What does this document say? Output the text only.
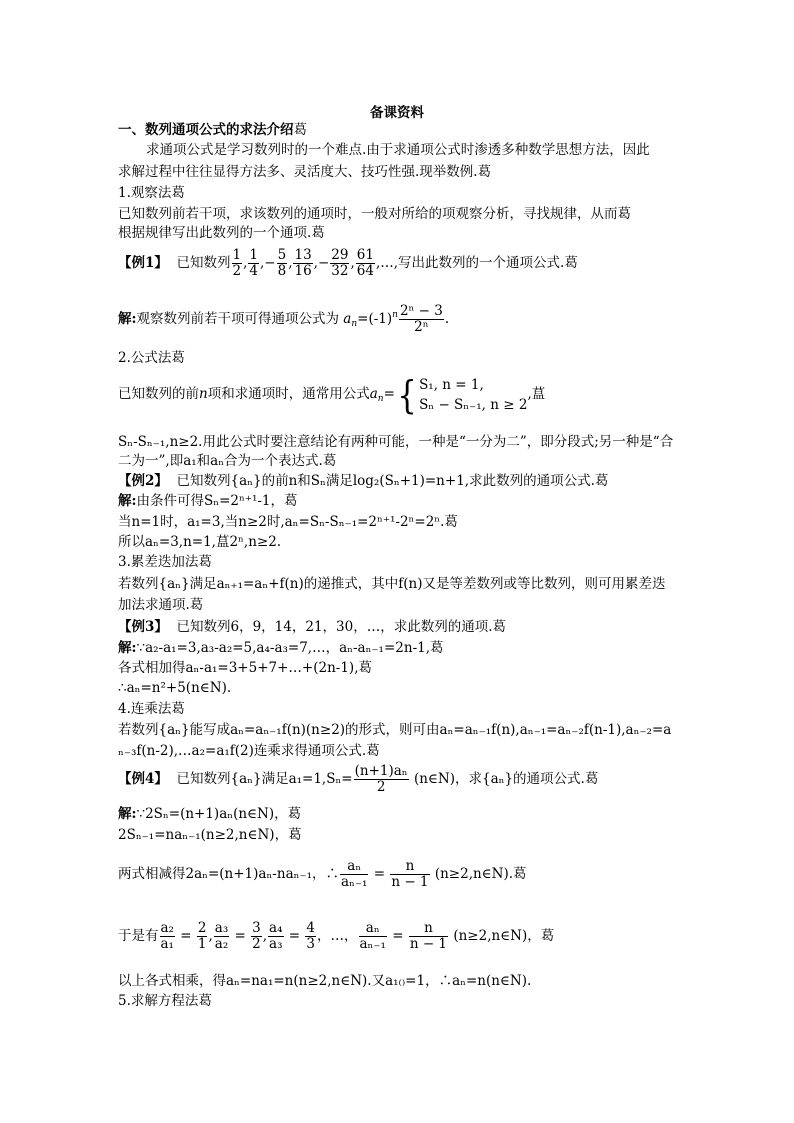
备课资料
一、数列通项公式的求法介绍葛
求通项公式是学习数列时的一个难点.由于求通项公式时渗透多种数学思想方法，因此
求解过程中往往显得方法多、灵活度大、技巧性强.现举数例.葛
1.观察法葛
已知数列前若干项，求该数列的通项时，一般对所给的项观察分析，寻找规律，从而葛
根据规律写出此数列的一个通项.葛
【例1】 已知数列 $\frac{1}{2}$ , $\frac{1}{4}$ ,− $\frac{5}{8}$ , $\frac{13}{16}$ ,− $\frac{29}{32}$ , $\frac{61}{64}$ ,…,写出此数列的一个通项公式.葛
解:观察数列前若干项可得通项公式为 $a_n=(-1)^n \frac{\text{2ⁿ − 3}}{\text{2ⁿ}}$ .
2.公式法葛
已知数列的前n项和求通项时，通常用公式$a_n=${ S₁, n = 1,
Sₙ − Sₙ₋₁, n ≥ 2
,蒀
Sₙ-Sₙ₋₁,n≥2.用此公式时要注意结论有两种可能，一种是“一分为二”，即分段式;另一种是“合
二为一”,即a₁和aₙ合为一个表达式.葛
【例2】 已知数列{aₙ}的前n和Sₙ满足log₂(Sₙ+1)=n+1,求此数列的通项公式.葛
解:由条件可得Sₙ=2ⁿ⁺¹-1，葛
当n=1时，a₁=3,当n≥2时,aₙ=Sₙ-Sₙ₋₁=2ⁿ⁺¹-2ⁿ=2ⁿ.葛
所以aₙ=3,n=1,蒀2ⁿ,n≥2.
3.累差迭加法葛
若数列{aₙ}满足aₙ₊₁=aₙ+f(n)的递推式，其中f(n)又是等差数列或等比数列，则可用累差迭
加法求通项.葛
【例3】 已知数列6，9，14，21，30，…，求此数列的通项.葛
解:∵a₂-a₁=3,a₃-a₂=5,a₄-a₃=7,…，aₙ-aₙ₋₁=2n-1,葛
各式相加得aₙ-a₁=3+5+7+…+(2n-1),葛
∴aₙ=n²+5(n∈N).
4.连乘法葛
若数列{aₙ}能写成aₙ=aₙ₋₁f(n)(n≥2)的形式，则可由aₙ=aₙ₋₁f(n),aₙ₋₁=aₙ₋₂f(n-1),aₙ₋₂=a
ₙ₋₃f(n-2),…a₂=a₁f(2)连乘求得通项公式.葛
【例4】 已知数列{aₙ}满足$a_1=1,S_n= \frac{\text{(n+1)aₙ}}{2}$ (n∈N)，求{aₙ}的通项公式.葛
解:∵2Sₙ=(n+1)aₙ(n∈N)，葛
2Sₙ₋₁=naₙ₋₁(n≥2,n∈N)，葛
两式相减得2aₙ=(n+1)aₙ-naₙ₋₁，∴ $\frac{\text{aₙ}}{\text{aₙ₋₁}} = \frac{n}{n - 1}$ (n≥2,n∈N).葛
于是有 $\frac{\text{a₂}}{\text{a₁}} = \frac{2}{1}$ , $\frac{\text{a₃}}{\text{a₂}} = \frac{3}{2}$ , $\frac{\text{a₄}}{\text{a₃}} = \frac{4}{3}$ ，…， $\frac{\text{aₙ}}{\text{aₙ₋₁}} = \frac{n}{n - 1}$ (n≥2,n∈N)，葛
以上各式相乘，得aₙ=na₁=n(n≥2,n∈N).又a₁₍₎=1，∴aₙ=n(n∈N).
5.求解方程法葛
